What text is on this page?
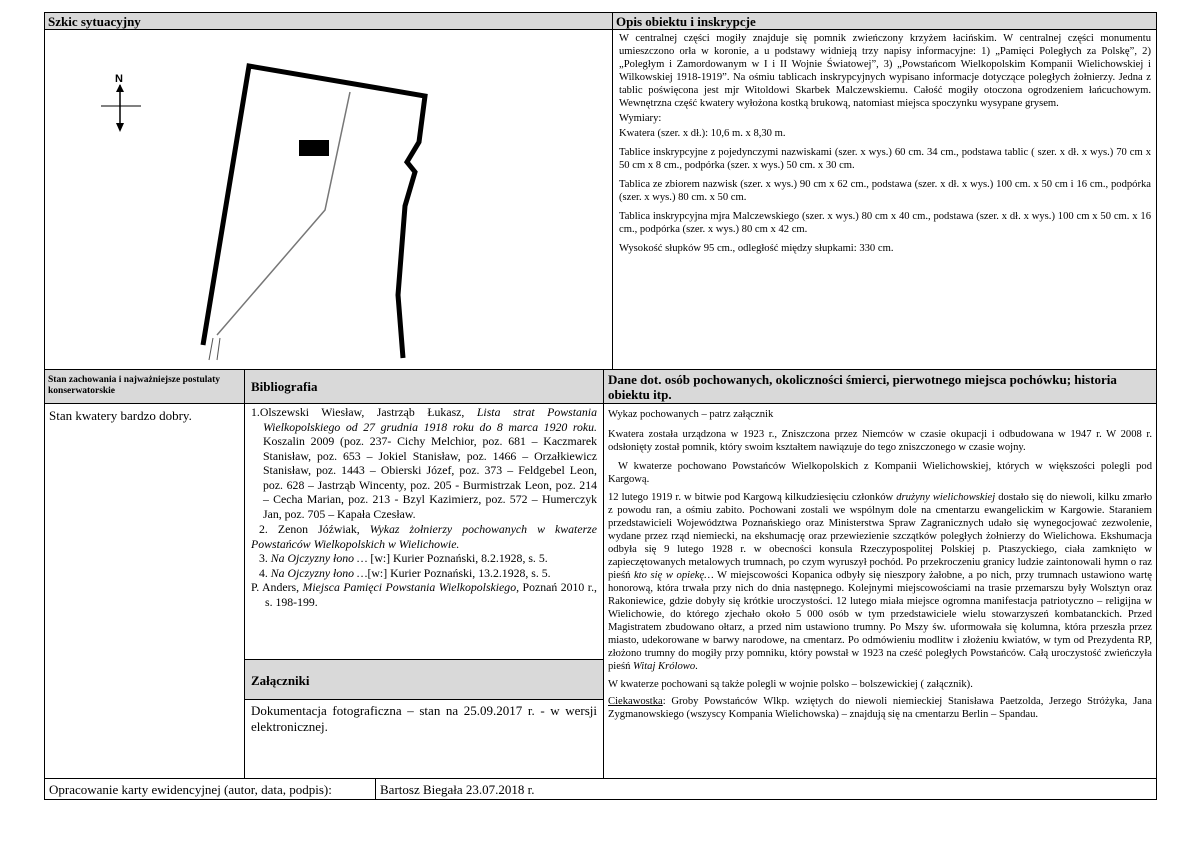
Szkic sytuacyjny	Opis obiektu i inskrypcje
N

W centralnej części mogiły znajduje się pomnik zwieńczony krzyżem łacińskim. W centralnej części monumentu umieszczono orła w koronie, a u podstawy widnieją trzy napisy informacyjne: 1) „Pamięci Poległych za Polskę”, 2) „Poległym i Zamordowanym w I i II Wojnie Światowej”, 3) „Powstańcom Wielkopolskim Kompanii Wielichowskiej i Wilkowskiej 1918-1919”. Na ośmiu tablicach inskrypcyjnych wypisano informacje dotyczące poległych żołnierzy. Jedna z tablic poświęcona jest mjr Witoldowi Skarbek Malczewskiemu. Całość mogiły otoczona ogrodzeniem łańcuchowym. Wewnętrzna część kwatery wyłożona kostką brukową, natomiast miejsca spoczynku wysypane grysem.

Wymiary:

Kwatera (szer. x dł.): 10,6 m. x 8,30 m.

Tablice inskrypcyjne z pojedynczymi nazwiskami (szer. x wys.) 60 cm. 34 cm., podstawa tablic ( szer. x dł. x wys.) 70 cm x 50 cm x 8 cm., podpórka (szer. x wys.) 50 cm. x 30 cm.

Tablica ze zbiorem nazwisk (szer. x wys.) 90 cm x 62 cm., podstawa (szer. x dł. x wys.) 100 cm. x 50 cm i 16 cm., podpórka (szer. x wys.) 80 cm. x 50 cm.

Tablica inskrypcyjna mjra Malczewskiego (szer. x wys.) 80 cm x 40 cm., podstawa (szer. x dł. x wys.) 100 cm x 50 cm. x 16 cm., podpórka (szer. x wys.) 80 cm x 42 cm.

Wysokość słupków 95 cm., odległość między słupkami: 330 cm.

Stan zachowania i najważniejsze postulaty konserwatorskie	Bibliografia	Dane dot. osób pochowanych, okoliczności śmierci, pierwotnego miejsca pochówku; historia obiektu itp.
Stan kwatery bardzo dobry.	1.Olszewski Wiesław, Jastrząb Łukasz, Lista strat Powstania Wielkopolskiego od 27 grudnia 1918 roku do 8 marca 1920 roku. Koszalin 2009 (poz. 237- Cichy Melchior, poz. 681 – Kaczmarek Stanisław, poz. 653 – Jokiel Stanisław, poz. 1466 – Orzałkiewicz Stanisław, poz. 1443 – Obierski Józef, poz. 373 – Feldgebel Leon, poz. 628 – Jastrząb Wincenty, poz. 205 - Burmistrzak Leon, poz. 214 – Cecha Marian, poz. 213 - Bzyl Kazimierz, poz. 572 – Humerczyk Jan, poz. 705 – Kapała Czesław.
2. Zenon Jóźwiak, Wykaz żołnierzy pochowanych w kwaterze Powstańców Wielkopolskich w Wielichowie.
3. Na Ojczyzny łono … [w:] Kurier Poznański, 8.2.1928, s. 5.
4. Na Ojczyzny łono …[w:] Kurier Poznański, 13.2.1928, s. 5.
P. Anders, Miejsca Pamięci Powstania Wielkopolskiego, Poznań 2010 r., s. 198-199.
Załączniki
Dokumentacja fotograficzna – stan na 25.09.2017 r. - w wersji elektronicznej.

Wykaz pochowanych – patrz załącznik

Kwatera została urządzona w 1923 r., Zniszczona przez Niemców w czasie okupacji i odbudowana w 1947 r. W 2008 r. odsłonięty został pomnik, który swoim kształtem nawiązuje do tego zniszczonego w czasie wojny.

W kwaterze pochowano Powstańców Wielkopolskich z Kompanii Wielichowskiej, których w większości polegli pod Kargową.

12 lutego 1919 r. w bitwie pod Kargową kilkudziesięciu członków drużyny wielichowskiej dostało się do niewoli, kilku zmarło z powodu ran, a ośmiu zabito. Pochowani zostali we wspólnym dole na cmentarzu ewangelickim w Kargowie. Staraniem przedstawicieli Województwa Poznańskiego oraz Ministerstwa Spraw Zagranicznych udało się wynegocjować zezwolenie, wydane przez rząd niemiecki, na ekshumację oraz przewiezienie szczątków poległych żołnierzy do Wielichowa. Ekshumacja odbyła się 9 lutego 1928 r. w obecności konsula Rzeczypospolitej Polskiej p. Ptaszyckiego, ciała zamknięto w zapieczętowanych metalowych trumnach, po czym wyruszył pochód. Po przekroczeniu granicy ludzie zaintonowali hymn o raz pieśń kto się w opiekę… W miejscowości Kopanica odbyły się nieszpory żałobne, a po nich, przy trumnach ustawiono wartę honorową, która trwała przy nich do dnia następnego. Kolejnymi miejscowościami na trasie przemarszu były Wolsztyn oraz Rakoniewice, gdzie dobyły się krótkie uroczystości. 12 lutego miała miejsce ogromna manifestacja patriotyczno – religijna w Wielichowie, do którego zjechało około 5 000 osób w tym przedstawiciele wielu stowarzyszeń kombatanckich. Przed Magistratem zbudowano ołtarz, a przed nim ustawiono trumny. Po Mszy św. uformowała się kolumna, która przeszła przez miasto, udekorowane w barwy narodowe, na cmentarz. Po odmówieniu modlitw i złożeniu kwiatów, w tym od Prezydenta RP, złożono trumny do mogiły przy pomniku, który powstał w 1923 na cześć poległych Powstańców. Całą uroczystość zwieńczyła pieśń Witaj Królowo.

W kwaterze pochowani są także polegli w wojnie polsko – bolszewickiej ( załącznik).

Ciekawostka: Groby Powstańców Wlkp. wziętych do niewoli niemieckiej Stanisława Paetzolda, Jerzego Stróżyka, Jana Zygmanowskiego (wszyscy Kompania Wielichowska) – znajdują się na cmentarzu Berlin – Spandau.

Opracowanie karty ewidencyjnej (autor, data, podpis):	Bartosz Biegała 23.07.2018 r.
